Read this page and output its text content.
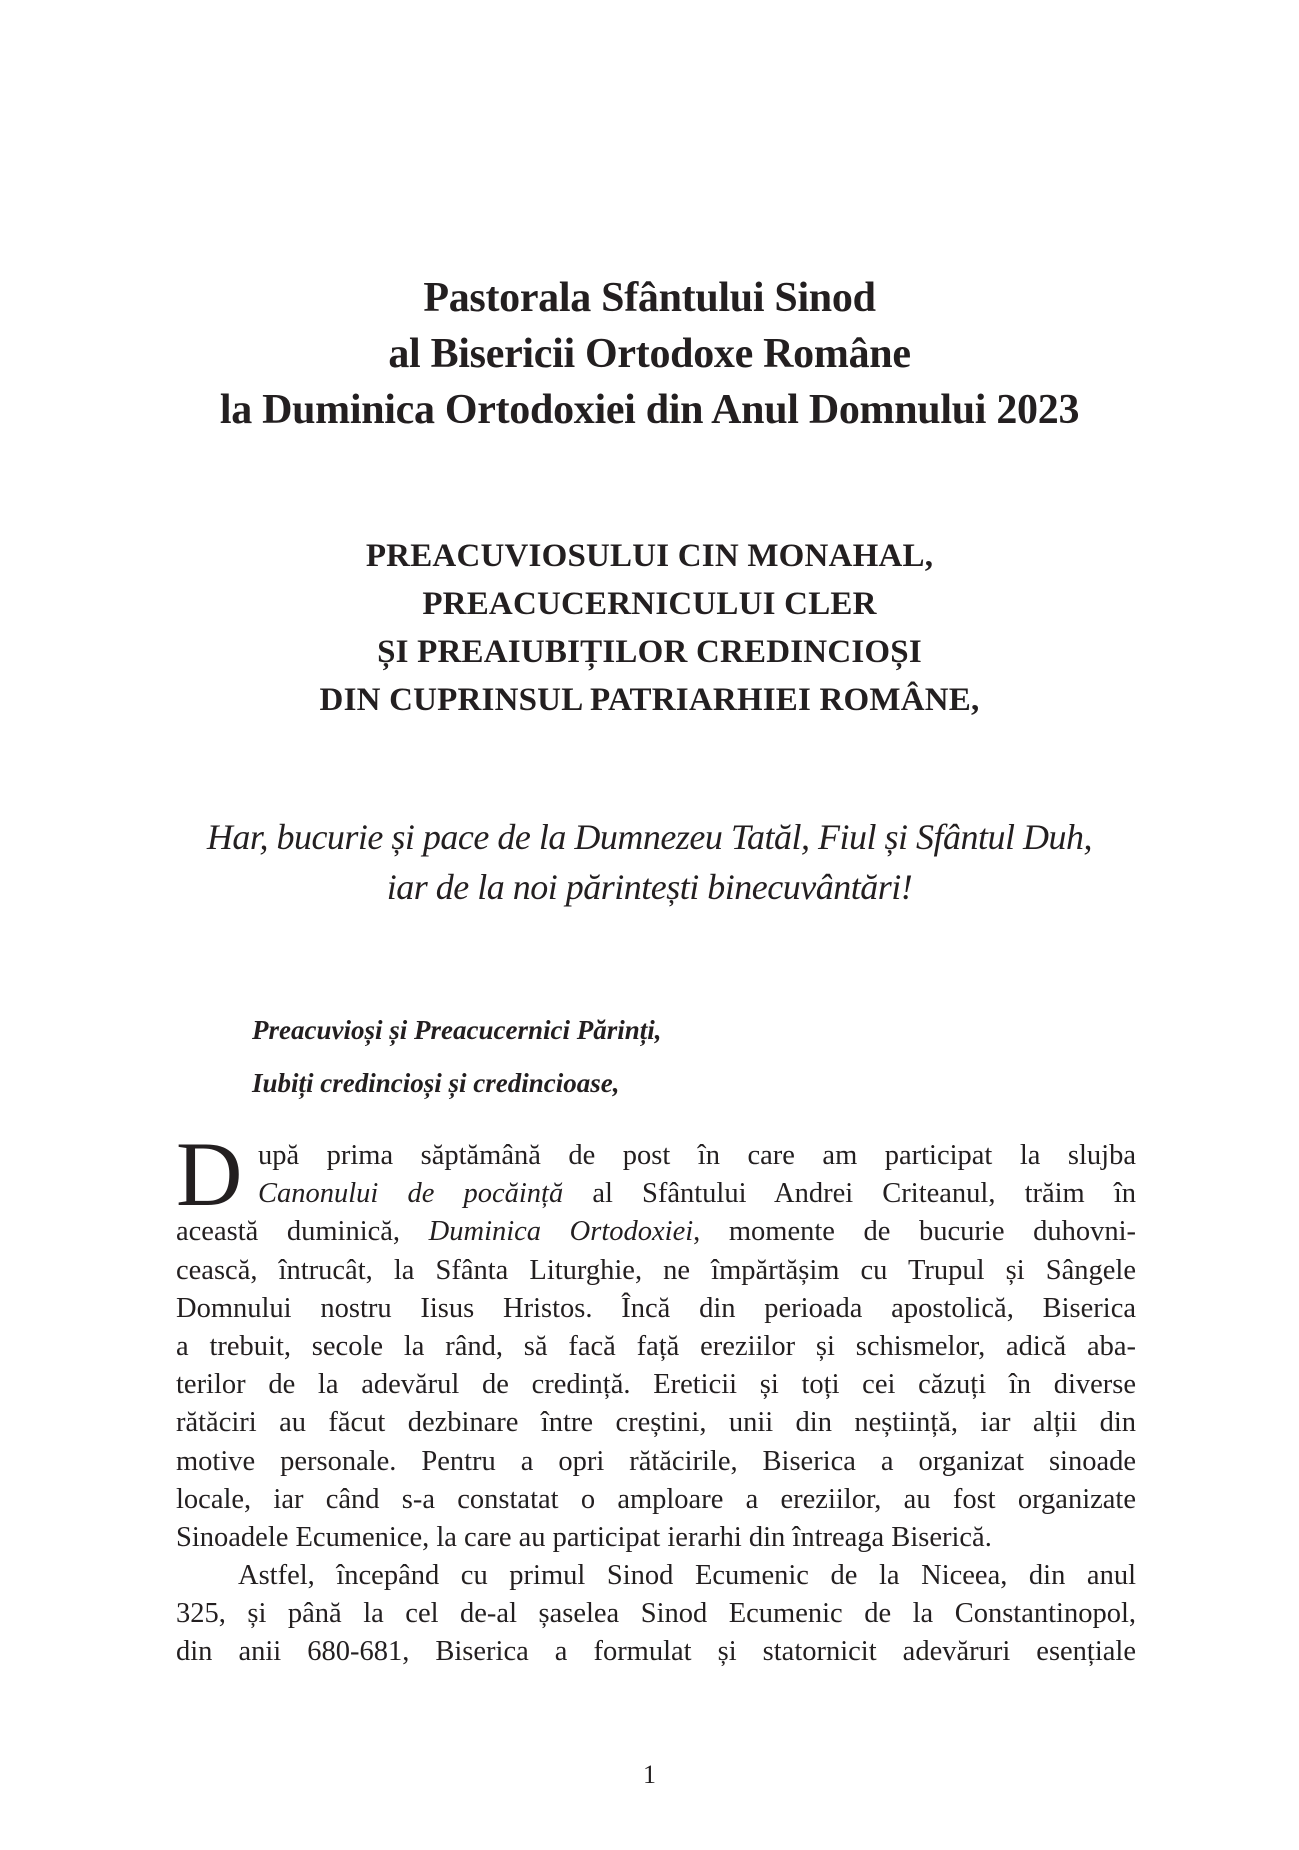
Pastorala Sfântului Sinod
al Bisericii Ortodoxe Române
la Duminica Ortodoxiei din Anul Domnului 2023
PREACUVIOSULUI CIN MONAHAL,
PREACUCERNICULUI CLER
ȘI PREAIUBIȚILOR CREDINCIOȘI
DIN CUPRINSUL PATRIARHIEI ROMÂNE,
Har, bucurie și pace de la Dumnezeu Tatăl, Fiul și Sfântul Duh,
iar de la noi părintești binecuvântări!
Preacuvioși și Preacucernici Părinți,
Iubiți credincioși și credincioase,
D upă prima săptămână de post în care am participat la slujba
Canonului de pocăință al Sfântului Andrei Criteanul, trăim în
această duminică, Duminica Ortodoxiei, momente de bucurie duhovni-
cească, întrucât, la Sfânta Liturghie, ne împărtășim cu Trupul și Sângele
Domnului nostru Iisus Hristos. Încă din perioada apostolică, Biserica
a trebuit, secole la rând, să facă față ereziilor și schismelor, adică aba-
terilor de la adevărul de credință. Ereticii și toți cei căzuți în diverse
rătăciri au făcut dezbinare între creștini, unii din neștiință, iar alții din
motive personale. Pentru a opri rătăcirile, Biserica a organizat sinoade
locale, iar când s-a constatat o amploare a ereziilor, au fost organizate
Sinoadele Ecumenice, la care au participat ierarhi din întreaga Biserică.
Astfel, începând cu primul Sinod Ecumenic de la Niceea, din anul
325, și până la cel de-al șaselea Sinod Ecumenic de la Constantinopol,
din anii 680-681, Biserica a formulat și statornicit adevăruri esențiale
1
